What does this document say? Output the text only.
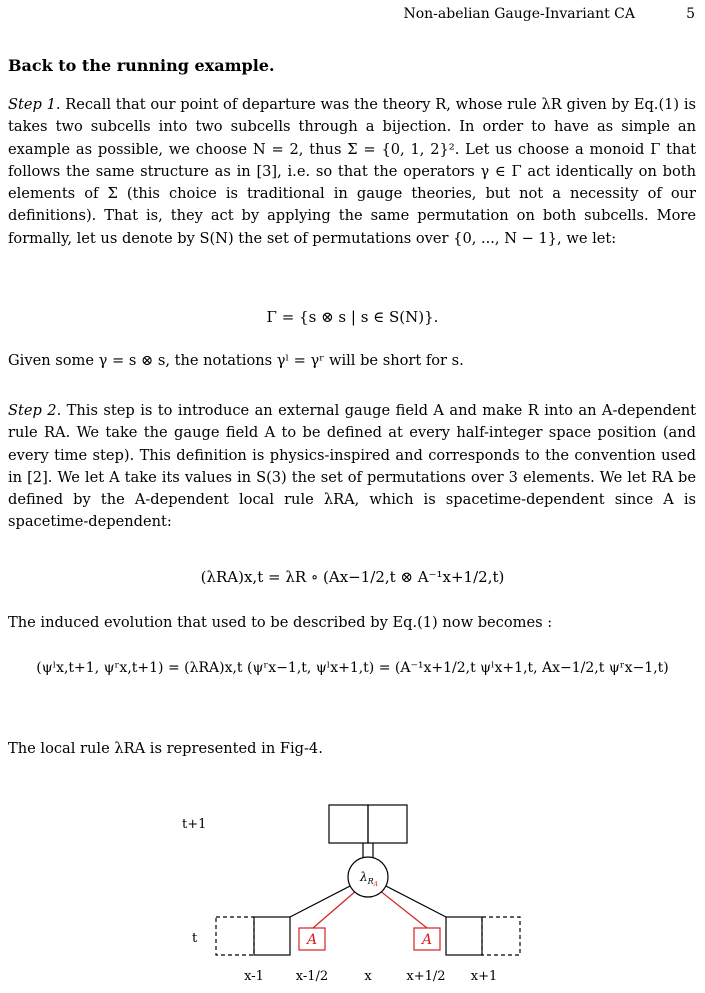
Non-abelian Gauge-Invariant CA	5
Back to the running example.
Step 1. Recall that our point of departure was the theory R, whose rule λR given by Eq.(1) is takes two subcells into two subcells through a bijection. In order to have as simple an example as possible, we choose N = 2, thus Σ = {0, 1, 2}². Let us choose a monoid Γ that follows the same structure as in [3], i.e. so that the operators γ ∈ Γ act identically on both elements of Σ (this choice is traditional in gauge theories, but not a necessity of our definitions). That is, they act by applying the same permutation on both subcells. More formally, let us denote by S(N) the set of permutations over {0, ..., N − 1}, we let:
Γ = {s ⊗ s | s ∈ S(N)}.
Given some γ = s ⊗ s, the notations γˡ = γʳ will be short for s.
Step 2. This step is to introduce an external gauge field A and make R into an A-dependent rule RA. We take the gauge field A to be defined at every half-integer space position (and every time step). This definition is physics-inspired and corresponds to the convention used in [2]. We let A take its values in S(3) the set of permutations over 3 elements. We let RA be defined by the A-dependent local rule λRA, which is spacetime-dependent since A is spacetime-dependent:
(λRA)x,t = λR ∘ (Ax−1/2,t ⊗ A⁻¹x+1/2,t)
The induced evolution that used to be described by Eq.(1) now becomes :
(ψˡx,t+1, ψʳx,t+1) = (λRA)x,t (ψʳx−1,t, ψˡx+1,t) = (A⁻¹x+1/2,t ψˡx+1,t, Ax−1/2,t ψʳx−1,t)
The local rule λRA is represented in Fig-4.
t+1
t
$\lambda_RA$
A	A
x-1 x-1/2	x	x+1/2 x+1
